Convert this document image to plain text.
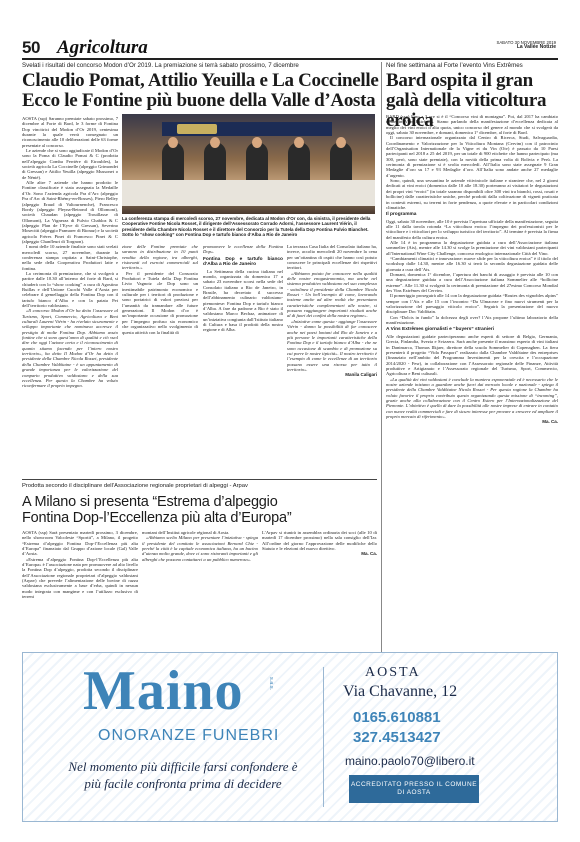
50 Agricoltura	SABATO 30 NOVEMBRE 2019
La Vallée Notizie
Svelati i risultati del concorso Modon d’Or 2019. La premiazione si terrà sabato prossimo, 7 dicembre
Claudio Pomat, Attilio Yeuilla e La Coccinelle
Ecco le Fontine più buone della Valle d’Aosta
La conferenza stampa di mercoledì scorso, 27 novembre, dedicata al Modon d’Or con, da sinistra, il presidente della Cooperative Fontine Nicola Rosset, il dirigente dell’Assessorato Corrado Adorni, l’assessore Laurent Viérin, il presidente della Chambre Nicola Rosset e il direttore del Consorzio per la Tutela della Dop Fontina Fulvio Bianchet. Sotto lo “show cooking” con Fontina Dop e tartufo bianco d’Alba a Rio de Janeiro

AOSTA (ssp) Saranno premiate sabato prossimo, 7 dicembre al Forte di Bard, le 3 forme di Fontina Dop vincitrici del Modon d’Or 2019, centesima durante la quale verrà consegnato un riconoscimento alle 10 deliberazioni delle 63 forme presentate al concorso.

Le aziende che si sono aggiudicate il Modon d’Or sono la Poma di Claudio Pomat & C (prodotta nell’alpeggio Comba Ferrière di Etroubles), la società agricola La Coccinelle (alpeggio Grimondet di Gressan) e Attilio Yeuilla (alpeggio Mussonet o de Nénié).

Alle altre 7 aziende che hanno prodotto le Fontine classificate è stata assegnata la Medaille d’Or. Sono l’azienda agricola Pra d’Arc (alpeggio Pra d’Arc di Saint-Rhémy-en-Bosses), Piero Belley (alpeggio Eraud di Valtournenche), Francesco Bordy (alpeggio Pleyna-Betrond di Ollomont), società Chaudan (alpeggio Trouillasse di Ollomont), La Vigneraz di Fulvio Chabloz & C (alpeggio Plan de l’Eyve di Gressan), Severino Mosecitti (alpeggio Pramarer di Bionaz) e la società agricola Frères Pinet di Francesco Pinet & C (alpeggio Chanfleuri di Torgnon).

I nomi delle 10 aziende finaliste sono stati svelati mercoledì scorso, 27 novembre, durante la conferenza stampa ospitata a Saint-Christophe, nella sede della Cooperativa Produttori latte e fontina.

La cerimonia di premiazione, che si svolgerà a partire dalle 10.30 all’interno del forte di Bard, si chiuderà con lo “show cooking” a cura di Agostino Buillas e dell’Unione Cuochi Valle d’Aosta per celebrare il gemellaggio della Fontina Dop con il tartufo bianco d’Alba e con la patata Pet dell’territorio valdostano.

«Il concorso Modon d’Or ha detto l’assessore al Turismo, Sport, Commercio, Agricoltura e Beni culturali Laurent Viérin - ha rivelato sicuramente e sviluppo importante che nominava accresce il prestigio di molte Fontina Dop. Abbiamo avuto fontine che si sono quest’anno di qualità e ciò vuol dire che oggi l’azione certa e il riconoscimento di quanto stiamo facendo per l’intero nostro territorio», ha detto Il Modon d’Or ha detto il presidente della Chambre Nicola Rosset, presidente della Chambre Valdôtaine - è un appuntamento di grande importanza per le valorizzazione del comparto produttivo valdostano e della sua eccellenza. Per questo la Chambre ha voluto riconfermare il proprio impegno.

zione delle Fontine premiate che saranno in distribuzione in 10 punti vendita della regione, tra alberghi, ristoranti ed esercizi commerciali sul territorio.»

Per il presidente del Consorzio Produttori e Tutela della Dop Fontina Livio Vagnotz «le Dop sono un inestimabile patrimonio economico e culturale per i territori di produzione e sono portatrici di valori preziosi per l’umanità da tramandare alle future generazioni. Il Modon d’or è un’importante occasione di promozione per l’impegno profuso sia economico che organizzativo nello svolgimento di questa attività con la finalità di

promuovere le eccellenze della Fontina Dop».

Fontina Dop e tartufo bianco d’Alba a Rio de Janeiro

La Settimana della cucina italiana nel mondo, organizzata da domenica 17 a sabato 23 novembre scorsi nella sede del Consolato italiano a Rio de Janeiro, in Brasile, ha decretato il successo dell’abbinamento culinario valdostano-piemontese: Fontina Dop e tartufo bianco d’Alba. A fare da padrone a Rio è stato il valdostano Marco Bechaz, animatore di un’iniziativa congiunta dall’Istituto italiano di Cultura e basa il prodotti della nostra regione e di Alba.

La terrazza Casa Italia del Consolato italiano ha, invece, accolto mercoledì 20 novembre la cena per un’ottantina di ospiti che hanno così potuto conoscere le principali eccellenze dei rispettivi territori.

«Abbiamo potuto far conoscere nella qualità delle nostre enogastronomia, ma anche nel sistema produttivo valdostano nel suo complesso - sottolinea il presidente della Chambre Nicola Rosset - Un bell’esempio di come, lavorando insieme anche ad altre realtà che presentano caratteristiche complementari alle nostre, si possano raggiungere importanti risultati anche al di fuori dei confini della nostra regione».

«Iniziative come questa - aggiunge l’assessore Viérin - danno la possibilità di far conoscere anche nei paesi lontani dal Rio de Janeiro e a più persone le importanti caratteristiche della Fontina Dop e il tartufo bianco d’Alba - che ne sono occasione di scambio e di promozione su cui porre le nostre tipicità». Il nostro territorio è l’esempio di come le eccellenze di un territorio possano essere una risorsa per tutto il territorio».

Manila Caligari
Nel fine settimana al Forte l’evento Vins Extrêmes
Bard ospita il gran galà della viticoltura eroica

BARD (ssp) Fino a 3 ore si è il “Concorso vini di montagna”. Poi, dal 2017 ha cambiato nome in Vins Extrêmes. Siamo parlando della manifestazione d’eccellenza dedicata al meglio dei vini eroici d’alta quota, unico concorso del genere al mondo che si svolgerà da oggi, sabato 30 novembre, e domani, domenica 1° dicembre, al forte di Bard.

Il concorso internazionale organizzato dal Centro di Ricerca, Studi, Salvaguardia, Coordinamento e Valorizzazione per la Viticoltura Montana (Cervim) con il patrocinio dell’Organisation Internationale de la Vigne et du Vin (Oiv) è passato da 10 Paesi partecipanti nel 2018 a 25 del 2019, per un totale di 900 etichette che hanno partecipato (ma 300, però, sono state premiate), con la novità della prima volta di Bolivia e Perù. La cerimonia di premiazione si è svolta mercoledì. All’Italia sono state assegnate 9 Gran Medaglie d’oro su 17 e 93 Medaglie d’oro. All’Italia sono andate anche 27 medaglie d’argento.

Sono, quindi, una sessantina le aziende vitivinicole italiane e straniere che, nel 2 giorni dedicati ai vini eroici (domenica dalle 10 alle 18.30) porteranno ai visitatori le degustazioni dei propri vini “eroici” (in totale saranno disponibili oltre 300 vini tra bianchi, rossi, rosati e bollicine) dalle caratteristiche uniche, perché prodotti dalla coltivazione di vigneti praticata in contesti estremi, su terreni in forte pendenza, a quote elevate e in particolari condizioni climatiche.

Il programma

Oggi, sabato 30 novembre, alle 10 è prevista l’apertura ufficiale della manifestazione, seguita alle 11 dalla tavola rotonda “La viticoltura eroica: l’impegno dei professionisti per le viticoltore e i viticoltori per lo sviluppo turistico del territorio”. Al termine è prevista la firma del manifesto della cultura eroica.

Alle 14 è in programma la degustazione guidata a cura dell’Associazione italiana sommelier (Ais), mentre alle 14.30 si svolge la premiazione dei vini valdostani partecipanti all’International Wine City Challenge, concorso enologico internazionale Città del Vino.

“Cambiamenti climatici e innovazione: nuove sfide per la viticoltura eroica” è il titolo del workshop dalle 14.30, mentre alle 16.30 si terrà la seconda degustazione guidata delle giornata a cura dell’Ais.

Domani, domenica 1° dicembre, l’apertura dei banchi di assaggio è prevista alle 10 con una degustazione guidata a cura dell’Associazione italiana Sommelier alle “bollicine estreme”. Alle 11.30 si svolgerà la cerimonia di premiazione del 27esimo Concorso Mondial des Vins Extrêmes del Cervim.

Il pomeriggio proseguirà alle 14 con la degustazione guidata “Routes des vignobles alpins” sempre con l’Ais e alle 15 con l’incontro “Da Ulmaceae e fino nuovi strumenti per la valorizzazione del paesaggio viticolo eroico”. Seguirà la presentazione del nuovo disciplinare Doc Valdôtain.

Con “Dolcis in fundo” la dolcezza degli over? l’Ais propone l’ultimo laboratorio della manifestazione.

A Vins Extrêmes giornalisti e “buyers” stranieri

Alle degustazioni guidate parteciperanno anche esperti di settore di Belgio, Germania, Grecia, Finlandia, Svezia e Svizzera. Sarà anche presente il massimo esperto di vini italiani in Danimarca, Thomas Ilkjaer, direttore della scuola Sommelier di Copenaghen. La fiera presenterà il progetto “Vida Passport” realizzato dalla Chambre Valdôtaine des entreprises (finanziato nell’ambito del Programma Investimenti per la crescita e l’occupazione 2014/2020 - Fesr), in collaborazione con l’Assessorato regionale delle Finanze, Attività produttive e Artigianato e l’Assessorato regionale del Turismo, Sport, Commercio, Agricoltura e Beni culturali.

«La qualità dei vini valdostani è conclude la maniera esponenziale ed è necessario che le nostre aziende iniziano a guardare anche fuori dai mercato locale e nazionale - spiega il presidente della Chambre Valdôtaine Nicola Rosset - Per questa ragione la Chambre ha voluto favorire il proprio contributo questo organizzando questa missione di “incoming”, grazie anche alla collaborazione con il Centro Estero per l’Internazionalizzazione del Piemonte. L’obiettivo è quello di dare la possibilità alle nostre imprese di entrare in contatto con nuove realtà commerciali e fare di sicuro interesse per provare a crescere ed ampliare il proprio mercato di riferimento».

Ma. Ca.
Prodotta secondo il disciplinare dell’Associazione regionale proprietari di alpeggi - Arpav
A Milano si presenta “Estrema d’alpeggio
Fontina Dop-l’Eccellenza più alta d’Europa”

AOSTA (ssp) Sarà presentato martedì prossimo, 3 dicembre, nello showroom Valcoleste “Sportit”, a Milano, il progetto “Estrema d’alpeggio Fontina Dop-l’Eccellenza più alta d’Europa” finanziato dal Gruppo d’azione locale (Gal) Valle d’Aosta.

«Estrema d’alpeggio Fontina Dop-l’Eccellenza più alta d’Europa» è l’associazione nata per promuovere ad alto livello la Fontina Dop d’alpeggio, prodotta secondo il disciplinare dell’Associazione regionale proprietari d’alpeggio valdostani (Arpav) che prevede l’alimentazione delle bovine di razza valdostana esclusivamente a base d’erba, quindi in nessun modo integrata con mangime e con l’utilizzo esclusivo di terreni

montani dell’Institut agricole régional di Aosta.

«Abbiamo scelto Milano per presentare l’iniziativa - spiega il presidente del comitato le associazioni Bernard Chiz - perché la città è la capitale economica italiana, ha un bacino d’utenza molto grande, dove ci sono ristoranti importanti e gli alberghi che possono contattarci a un pubblico numeroso».

L’Arpav si riunirà in assemblea ordinaria dei soci (alle 10 di martedì 17 dicembre prossimo) nella sala consiglio dell’Iar. All’ordine del giorno l’approvazione delle modifiche dello Statuto e le elezioni del nuovo direttivo.

Ma. Ca.
Maino	s.a.s.
ONORANZE FUNEBRI
Nel momento più difficile farsi confondere è più facile confronta prima di decidere
AOSTA
Via Chavanne, 12
0165.610881
327.4513427
maino.paolo70@libero.it
ACCREDITATO PRESSO IL COMUNE DI AOSTA
